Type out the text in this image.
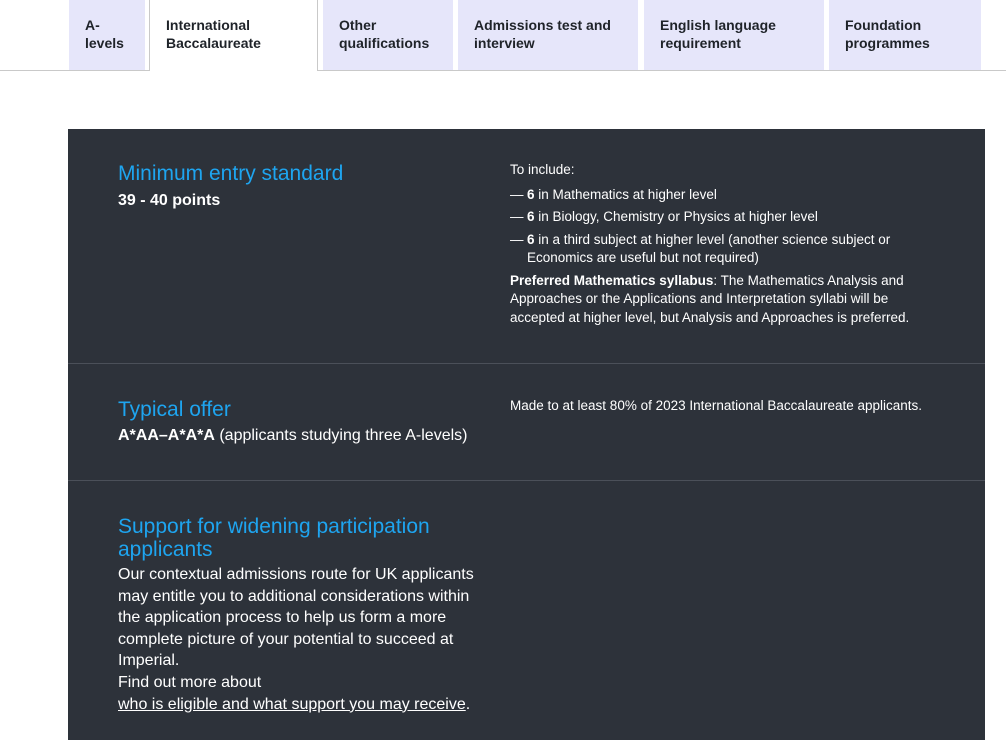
A-levels
International Baccalaureate
Other qualifications
Admissions test and interview
English language requirement
Foundation programmes
Minimum entry standard

39 - 40 points

To include:
— 6 in Mathematics at higher level
— 6 in Biology, Chemistry or Physics at higher level
— 6 in a third subject at higher level (another science subject or Economics are useful but not required)
Preferred Mathematics syllabus: The Mathematics Analysis and Approaches or the Applications and Interpretation syllabi will be accepted at higher level, but Analysis and Approaches is preferred.
Typical offer

A*AA–A*A*A (applicants studying three A-levels)

Made to at least 80% of 2023 International Baccalaureate applicants.
Support for widening participation applicants
Our contextual admissions route for UK applicants may entitle you to additional considerations within the application process to help us form a more complete picture of your potential to succeed at Imperial.
Find out more about
who is eligible and what support you may receive.
